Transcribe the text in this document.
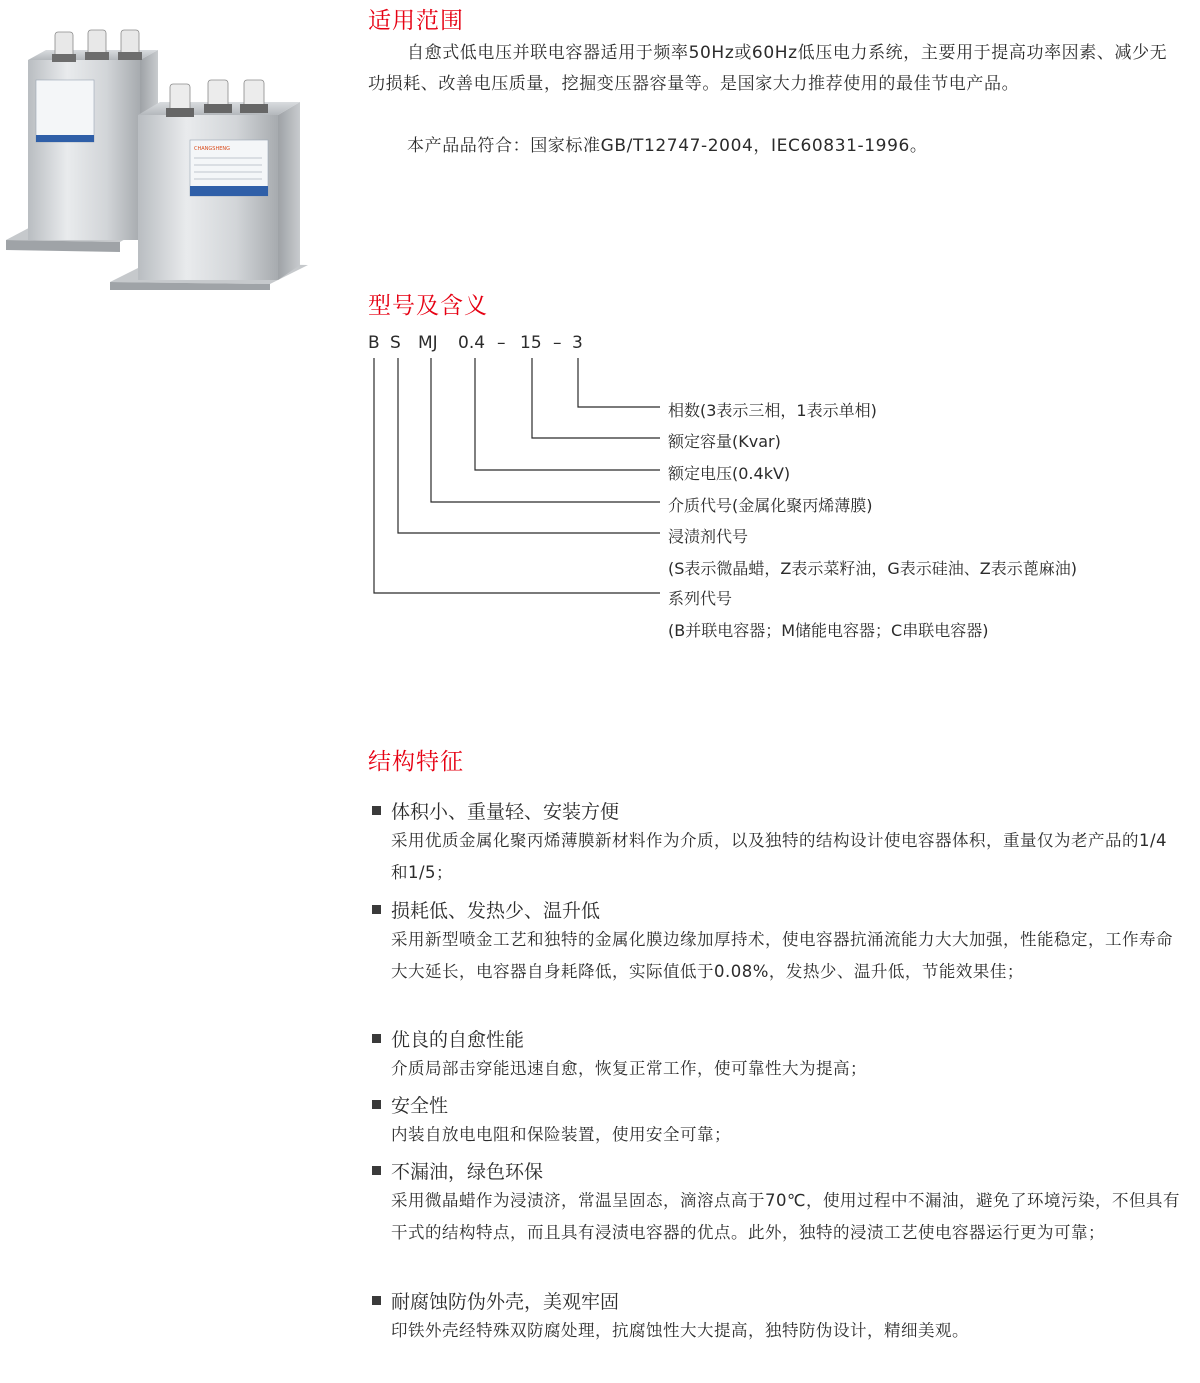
CHANGSHENG
适用范围

自愈式低电压并联电容器适用于频率50Hz或60Hz低压电力系统，主要用于提高功率因素、减少无功损耗、改善电压质量，挖掘变压器容量等。是国家大力推荐使用的最佳节电产品。

本产品品符合：国家标准GB/T12747-2004，IEC60831-1996。

型号及含义
B S MJ 0.4 – 15 – 3
相数(3表示三相，1表示单相)
额定容量(Kvar)
额定电压(0.4kV)
介质代号(金属化聚丙烯薄膜)
浸渍剂代号
(S表示微晶蜡，Z表示菜籽油，G表示硅油、Z表示蓖麻油)
系列代号
(B并联电容器；M储能电容器；C串联电容器)
结构特征
体积小、重量轻、安装方便

采用优质金属化聚丙烯薄膜新材料作为介质，以及独特的结构设计使电容器体积，重量仅为老产品的1/4和1/5；

损耗低、发热少、温升低

采用新型喷金工艺和独特的金属化膜边缘加厚持术，使电容器抗涌流能力大大加强，性能稳定，工作寿命大大延长，电容器自身耗降低，实际值低于0.08%，发热少、温升低，节能效果佳；

优良的自愈性能

介质局部击穿能迅速自愈，恢复正常工作，使可靠性大为提高；

安全性

内装自放电电阻和保险装置，使用安全可靠；

不漏油，绿色环保

采用微晶蜡作为浸渍济，常温呈固态，滴溶点高于70℃，使用过程中不漏油，避免了环境污染，不但具有干式的结构特点，而且具有浸渍电容器的优点。此外，独特的浸渍工艺使电容器运行更为可靠；

耐腐蚀防伪外壳，美观牢固

印铁外壳经特殊双防腐处理，抗腐蚀性大大提高，独特防伪设计，精细美观。
